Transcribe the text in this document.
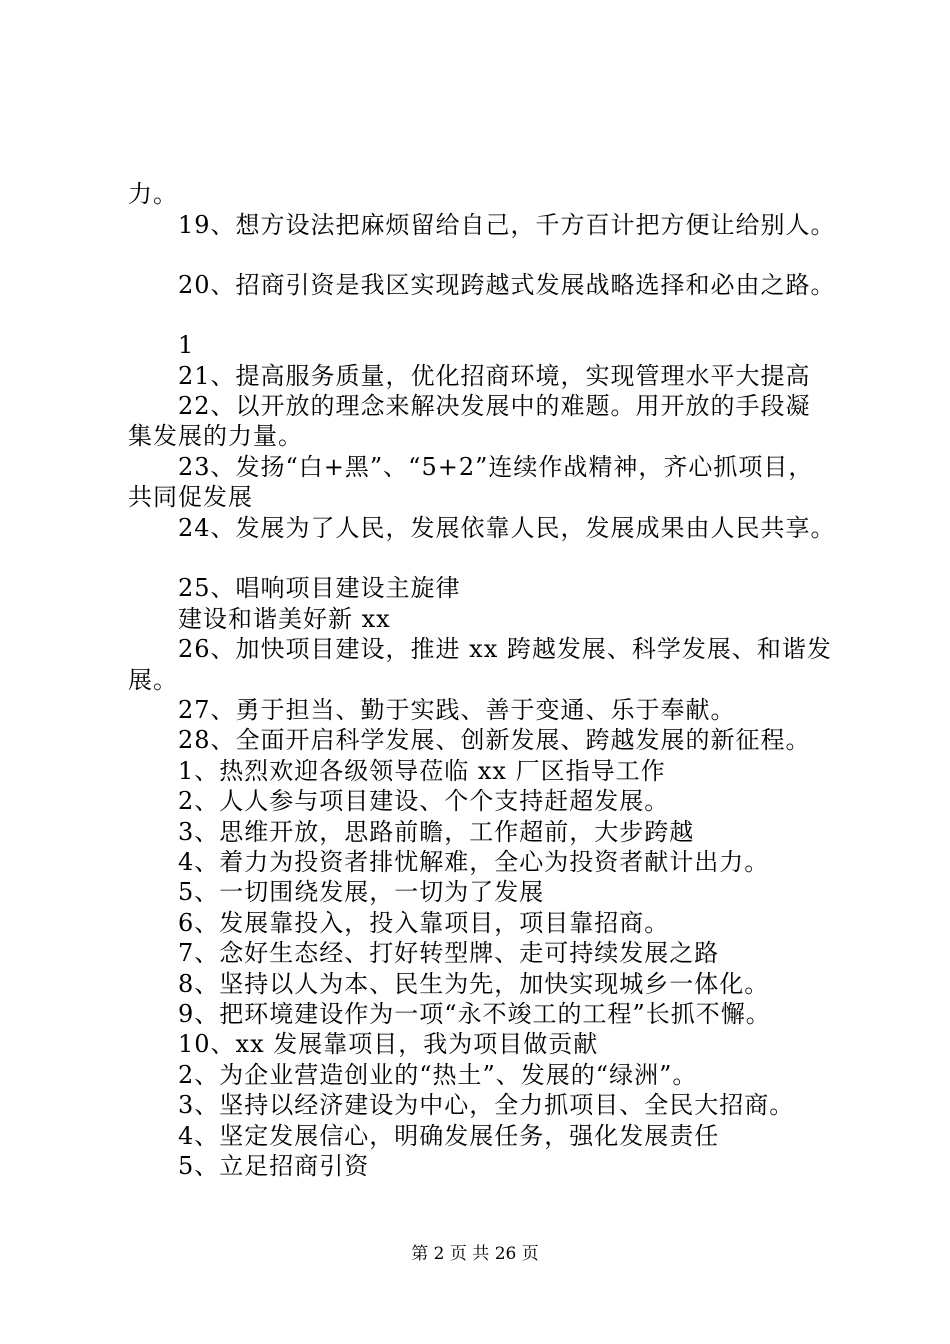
力。
19、想方设法把麻烦留给自己，千方百计把方便让给别人。
20、招商引资是我区实现跨越式发展战略选择和必由之路。
1
21、提高服务质量，优化招商环境，实现管理水平大提高
22、以开放的理念来解决发展中的难题。用开放的手段凝
集发展的力量。
23、发扬“白+黑”、“5+2”连续作战精神，齐心抓项目，
共同促发展
24、发展为了人民，发展依靠人民，发展成果由人民共享。
25、唱响项目建设主旋律
建设和谐美好新 xx
26、加快项目建设，推进 xx 跨越发展、科学发展、和谐发
展。
27、勇于担当、勤于实践、善于变通、乐于奉献。
28、全面开启科学发展、创新发展、跨越发展的新征程。
1、热烈欢迎各级领导莅临 xx 厂区指导工作
2、人人参与项目建设、个个支持赶超发展。
3、思维开放，思路前瞻，工作超前，大步跨越
4、着力为投资者排忧解难，全心为投资者献计出力。
5、一切围绕发展，一切为了发展
6、发展靠投入，投入靠项目，项目靠招商。
7、念好生态经、打好转型牌、走可持续发展之路
8、坚持以人为本、民生为先，加快实现城乡一体化。
9、把环境建设作为一项“永不竣工的工程”长抓不懈。
10、xx 发展靠项目，我为项目做贡献
2、为企业营造创业的“热土”、发展的“绿洲”。
3、坚持以经济建设为中心，全力抓项目、全民大招商。
4、坚定发展信心，明确发展任务，强化发展责任
5、立足招商引资
第 2 页 共 26 页
